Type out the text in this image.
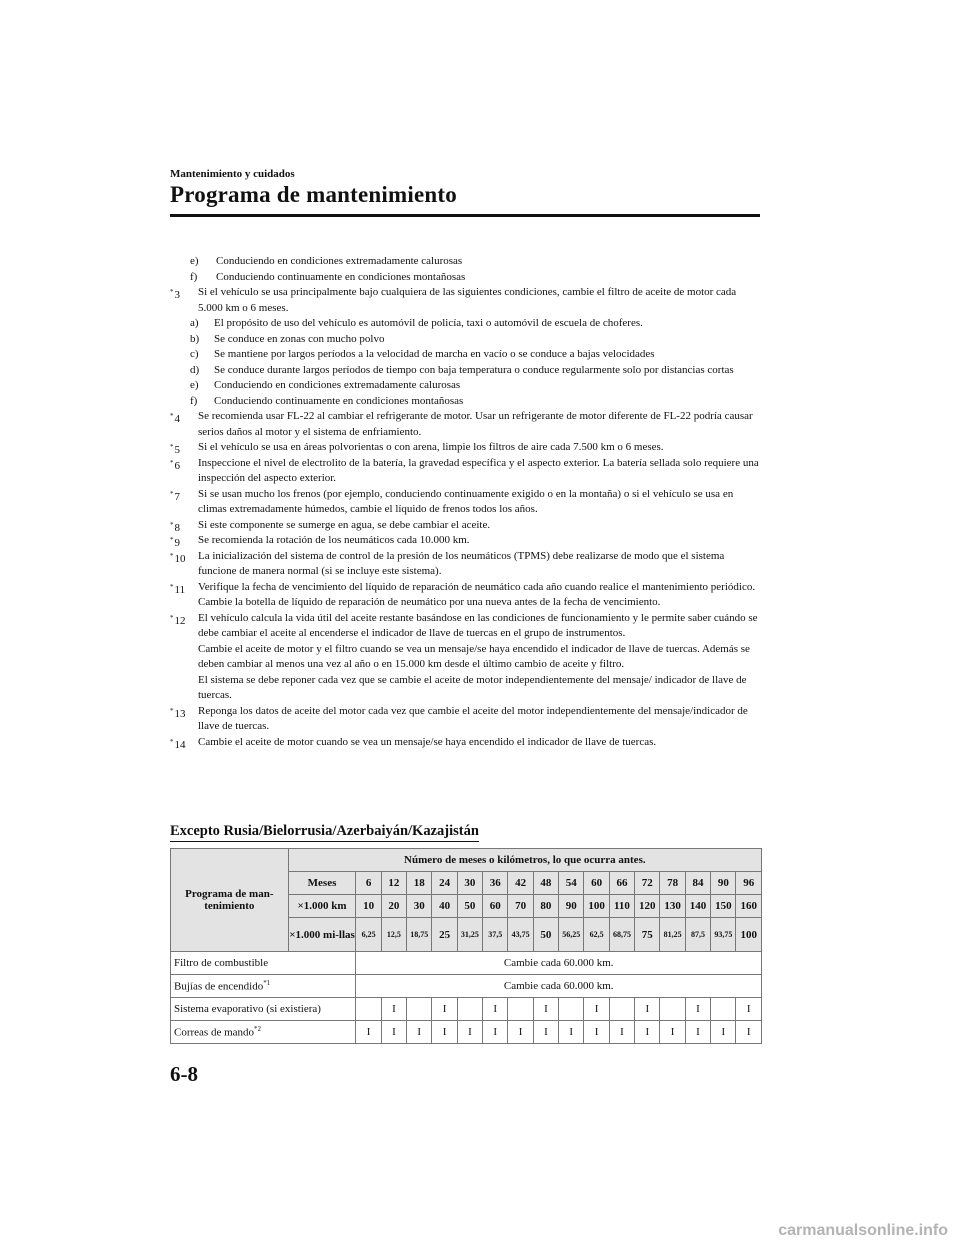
Mantenimiento y cuidados
Programa de mantenimiento
e) Conduciendo en condiciones extremadamente calurosas
f) Conduciendo continuamente en condiciones montañosas
*3 Si el vehículo se usa principalmente bajo cualquiera de las siguientes condiciones, cambie el filtro de aceite de motor cada 5.000 km o 6 meses.
a) El propósito de uso del vehículo es automóvil de policía, taxi o automóvil de escuela de choferes.
b) Se conduce en zonas con mucho polvo
c) Se mantiene por largos períodos a la velocidad de marcha en vacío o se conduce a bajas velocidades
d) Se conduce durante largos períodos de tiempo con baja temperatura o conduce regularmente solo por distancias cortas
e) Conduciendo en condiciones extremadamente calurosas
f) Conduciendo continuamente en condiciones montañosas
*4 Se recomienda usar FL-22 al cambiar el refrigerante de motor. Usar un refrigerante de motor diferente de FL-22 podría causar serios daños al motor y el sistema de enfriamiento.
*5 Si el vehículo se usa en áreas polvorientas o con arena, limpie los filtros de aire cada 7.500 km o 6 meses.
*6 Inspeccione el nivel de electrolito de la batería, la gravedad específica y el aspecto exterior. La batería sellada solo requiere una inspección del aspecto exterior.
*7 Si se usan mucho los frenos (por ejemplo, conduciendo continuamente exigido o en la montaña) o si el vehículo se usa en climas extremadamente húmedos, cambie el líquido de frenos todos los años.
*8 Si este componente se sumerge en agua, se debe cambiar el aceite.
*9 Se recomienda la rotación de los neumáticos cada 10.000 km.
*10 La inicialización del sistema de control de la presión de los neumáticos (TPMS) debe realizarse de modo que el sistema funcione de manera normal (si se incluye este sistema).
*11 Verifique la fecha de vencimiento del líquido de reparación de neumático cada año cuando realice el mantenimiento periódico. Cambie la botella de líquido de reparación de neumático por una nueva antes de la fecha de vencimiento.
*12 El vehículo calcula la vida útil del aceite restante basándose en las condiciones de funcionamiento y le permite saber cuándo se debe cambiar el aceite al encenderse el indicador de llave de tuercas en el grupo de instrumentos.
Cambie el aceite de motor y el filtro cuando se vea un mensaje/se haya encendido el indicador de llave de tuercas. Además se deben cambiar al menos una vez al año o en 15.000 km desde el último cambio de aceite y filtro.
El sistema se debe reponer cada vez que se cambie el aceite de motor independientemente del mensaje/ indicador de llave de tuercas.
*13 Reponga los datos de aceite del motor cada vez que cambie el aceite del motor independientemente del mensaje/indicador de llave de tuercas.
*14 Cambie el aceite de motor cuando se vea un mensaje/se haya encendido el indicador de llave de tuercas.
Excepto Rusia/Bielorrusia/Azerbaiyán/Kazajistán
Programa de man-tenimiento	Número de meses o kilómetros, lo que ocurra antes.																
	Meses	6	12	18	24	30	36	42	48	54	60	66	72	78	84	90	96
	×1.000 km	10	20	30	40	50	60	70	80	90	100	110	120	130	140	150	160
	×1.000 mi-llas	6,25	12,5	18,75	25	31,25	37,5	43,75	50	56,25	62,5	68,75	75	81,25	87,5	93,75	100
Filtro de combustible		Cambie cada 60.000 km.															
Bujías de encendido$^{*1}$		Cambie cada 60.000 km.															
Sistema evaporativo (si existiera)			I		I		I		I		I		I		I		I
Correas de mando$^{*2}$		I	I	I	I	I	I	I	I	I	I	I	I	I	I	I	I
6-8
carmanualsonline.info
